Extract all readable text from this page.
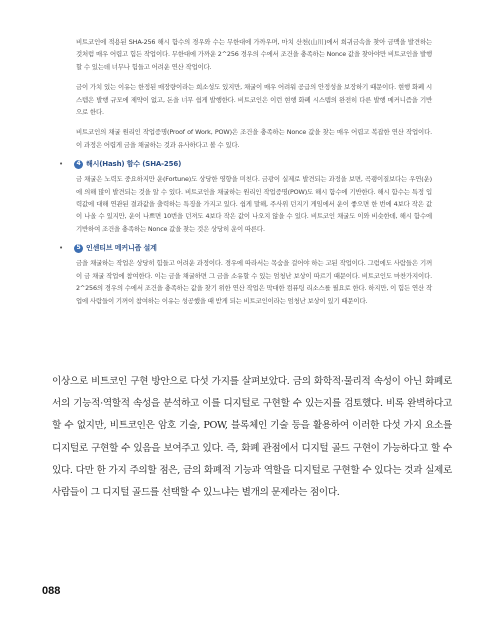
비트코인에 적용된 SHA-256 해시 함수의 경우와 수는 무한대에 가까우며, 마치 산천(山川)에서 희귀금속을 찾아 금맥을 발견하는 것처럼 매우 어렵고 힘든 작업이다. 무한대에 가까운 2^256 경우의 수에서 조건을 충족하는 Nonce 값을 찾아야만 비트코인을 발행할 수 있는데 너무나 힘들고 어려운 연산 작업이다.

금이 가치 있는 이유는 한정된 매장량이라는 희소성도 있지만, 채굴이 매우 어려워 공급의 안정성을 보장하기 때문이다. 현행 화폐 시스템은 발행 규모에 제약이 없고, 돈을 너무 쉽게 발행한다. 비트코인은 이런 현행 화폐 시스템의 완전히 다른 발행 메커니즘을 기반으로 한다.

비트코인의 채굴 원리인 작업증명(Proof of Work, POW)은 조건을 충족하는 Nonce 값을 찾는 매우 어렵고 복잡한 연산 작업이다. 이 과정은 어렵게 금을 채굴하는 것과 유사하다고 볼 수 있다.

•	4 해시(Hash) 함수 (SHA-256)

금 채굴은 노력도 중요하지만 운(Fortune)도 상당한 영향을 미친다. 금광이 실제로 발견되는 과정을 보면, 곡괭이질보다는 우연(운)에 의해 많이 발견되는 것을 알 수 있다. 비트코인을 채굴하는 원리인 작업증명(POW)도 해시 함수에 기반한다. 해시 함수는 특정 입력값에 대해 연관된 결과값을 출력하는 특징을 가지고 있다. 쉽게 말해, 주사위 던지기 게임에서 운이 좋으면 한 번에 4보다 작은 값이 나올 수 있지만, 운이 나쁘면 10번을 던져도 4보다 작은 값이 나오지 않을 수 있다. 비트코인 채굴도 이와 비슷한데, 해시 함수에 기반하여 조건을 충족하는 Nonce 값을 찾는 것은 상당히 운이 따른다.

•	5 인센티브 메커니즘 설계

금을 채굴하는 작업은 상당히 힘들고 어려운 과정이다. 경우에 따라서는 목숨을 걸어야 하는 고된 작업이다. 그럼에도 사람들은 기꺼이 금 채굴 작업에 참여한다. 이는 금을 채굴하면 그 금을 소유할 수 있는 엄청난 보상이 따르기 때문이다. 비트코인도 마찬가지이다. 2^256의 경우의 수에서 조건을 충족하는 값을 찾기 위한 연산 작업은 막대한 컴퓨팅 리소스를 필요로 한다. 하지만, 이 힘든 연산 작업에 사람들이 기꺼이 참여하는 이유는 성공했을 때 받게 되는 비트코인이라는 엄청난 보상이 있기 때문이다.

이상으로 비트코인 구현 방안으로 다섯 가지를 살펴보았다. 금의 화학적·물리적 속성이 아닌 화폐로서의 기능적·역할적 속성을 분석하고 이를 디지털로 구현할 수 있는지를 검토했다. 비록 완벽하다고 할 수 없지만, 비트코인은 암호 기술, POW, 블록체인 기술 등을 활용하여 이러한 다섯 가지 요소를 디지털로 구현할 수 있음을 보여주고 있다. 즉, 화폐 관점에서 디지털 골드 구현이 가능하다고 할 수 있다. 다만 한 가지 주의할 점은, 금의 화폐적 기능과 역할을 디지털로 구현할 수 있다는 것과 실제로 사람들이 그 디지털 골드를 선택할 수 있느냐는 별개의 문제라는 점이다.
088
